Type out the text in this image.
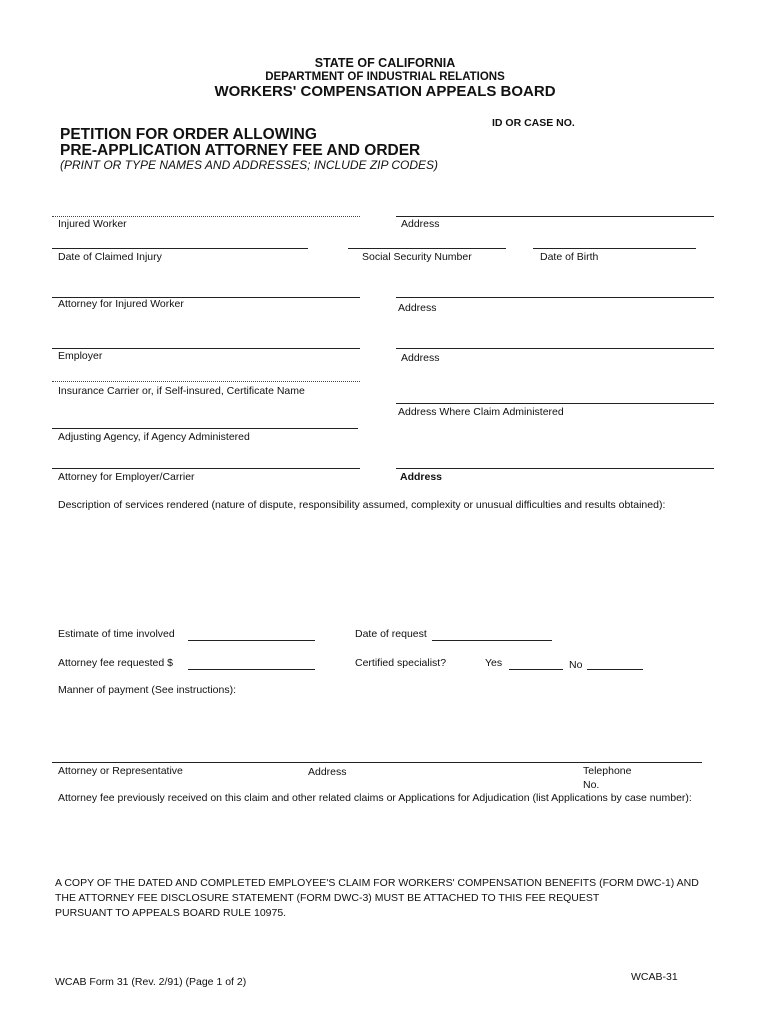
STATE OF CALIFORNIA
DEPARTMENT OF INDUSTRIAL RELATIONS
WORKERS' COMPENSATION APPEALS BOARD
ID OR CASE NO.
PETITION FOR ORDER ALLOWING
PRE-APPLICATION ATTORNEY FEE AND ORDER
(PRINT OR TYPE NAMES AND ADDRESSES; INCLUDE ZIP CODES)
Injured Worker	Address
Date of Claimed Injury	Social Security Number	Date of Birth
Attorney for Injured Worker	Address
Employer	Address
Insurance Carrier or, if Self-insured, Certificate Name
Address Where Claim Administered
Adjusting Agency, if Agency Administered
Attorney for Employer/Carrier	Address
Description of services rendered (nature of dispute, responsibility assumed, complexity or unusual difficulties and results obtained):
Estimate of time involved	Date of request
Attorney fee requested $	Certified specialist?	Yes	No
Manner of payment (See instructions):
Attorney or Representative	Address	Telephone
No.
Attorney fee previously received on this claim and other related claims or Applications for Adjudication (list Applications by case number):
A COPY OF THE DATED AND COMPLETED EMPLOYEE'S CLAIM FOR WORKERS' COMPENSATION BENEFITS (FORM DWC-1) AND
THE ATTORNEY FEE DISCLOSURE STATEMENT (FORM DWC-3) MUST BE ATTACHED TO THIS FEE REQUEST
PURSUANT TO APPEALS BOARD RULE 10975.
WCAB Form 31 (Rev. 2/91) (Page 1 of 2)	WCAB-31
